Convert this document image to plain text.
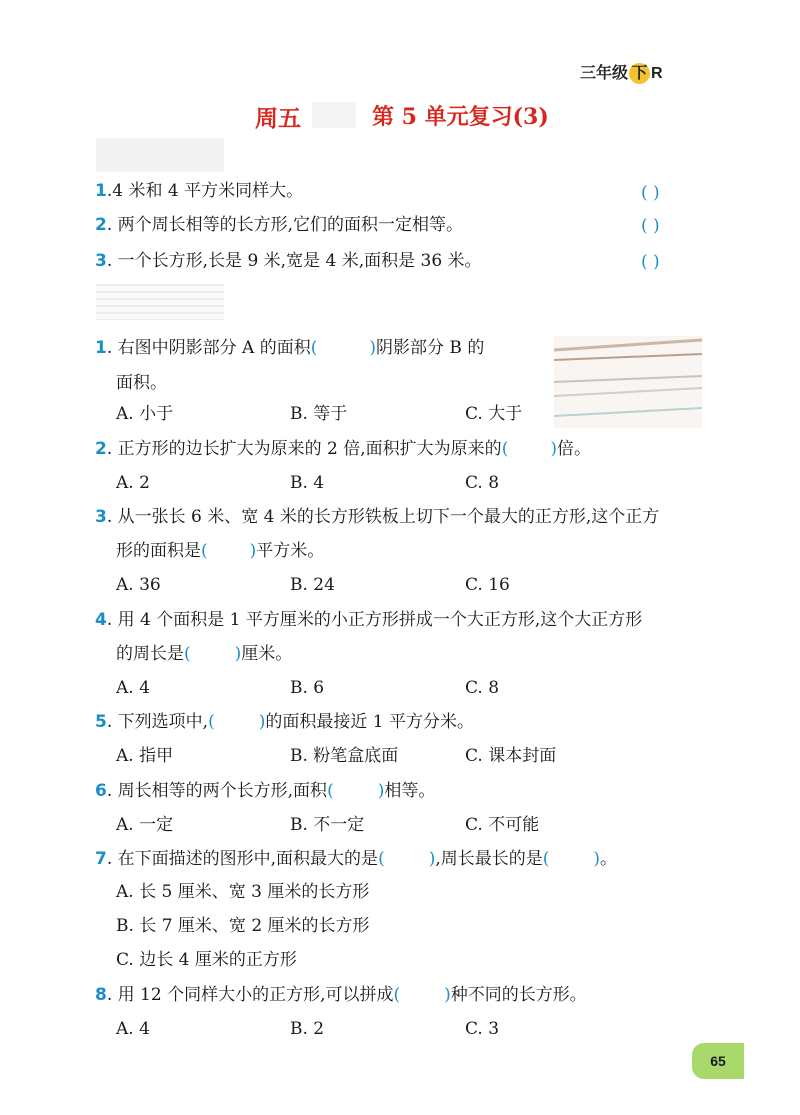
三年级 下 R
周五	第 5 单元复习(3)
1.4 米和 4 平方米同样大。	( )
2. 两个周长相等的长方形,它们的面积一定相等。	( )
3. 一个长方形,长是 9 米,宽是 4 米,面积是 36 米。	( )
1. 右图中阴影部分 A 的面积(	)阴影部分 B 的
面积。
A. 小于	B. 等于	C. 大于
2. 正方形的边长扩大为原来的 2 倍,面积扩大为原来的( )倍。
A. 2	B. 4	C. 8
3. 从一张长 6 米、宽 4 米的长方形铁板上切下一个最大的正方形,这个正方
形的面积是( )平方米。
A. 36	B. 24	C. 16
4. 用 4 个面积是 1 平方厘米的小正方形拼成一个大正方形,这个大正方形
的周长是(	)厘米。
A. 4	B. 6	C. 8
5. 下列选项中,(	)的面积最接近 1 平方分米。
A. 指甲	B. 粉笔盒底面	C. 课本封面
6. 周长相等的两个长方形,面积(	)相等。
A. 一定	B. 不一定	C. 不可能
7. 在下面描述的图形中,面积最大的是(	),周长最长的是(	)。
A. 长 5 厘米、宽 3 厘米的长方形
B. 长 7 厘米、宽 2 厘米的长方形
C. 边长 4 厘米的正方形
8. 用 12 个同样大小的正方形,可以拼成(	)种不同的长方形。
A. 4	B. 2	C. 3
65
